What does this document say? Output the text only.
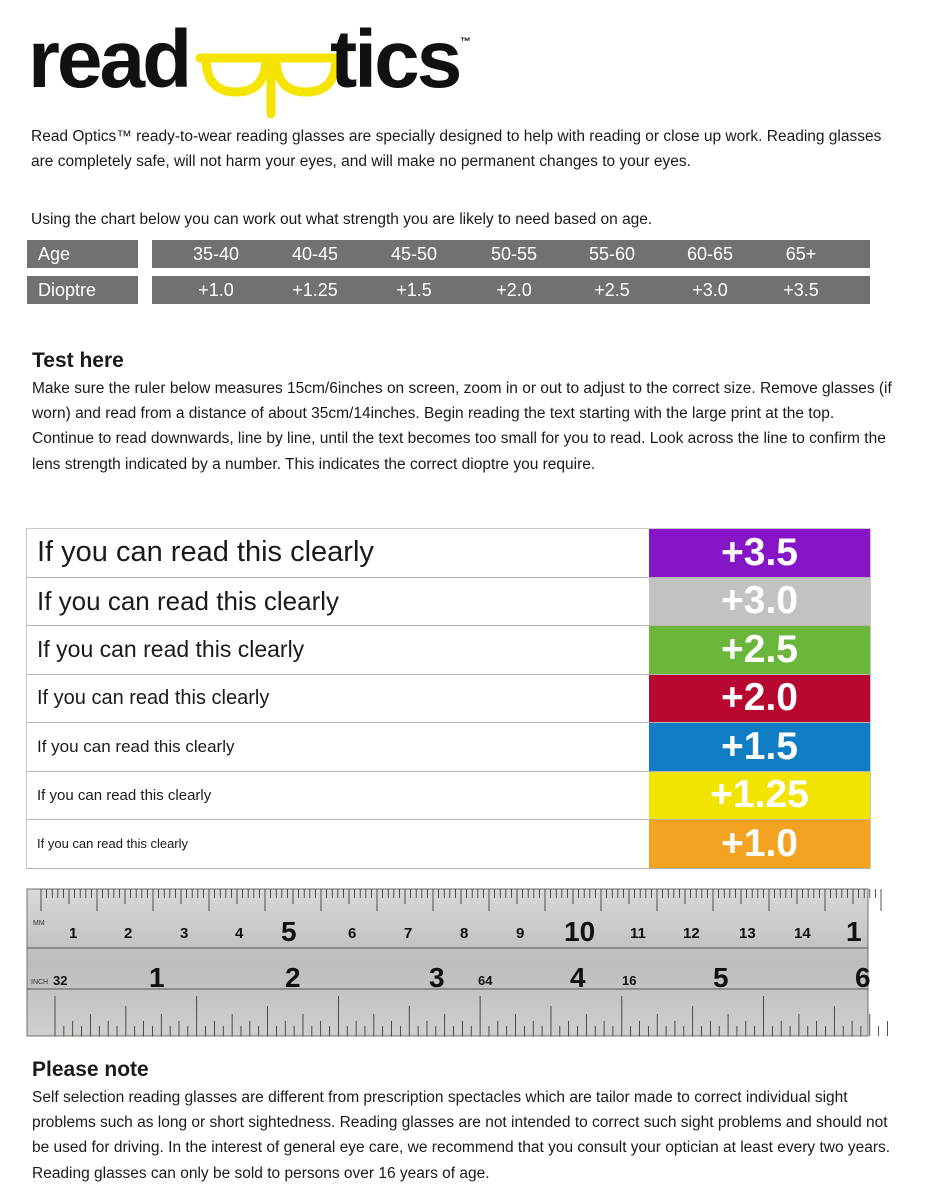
read tics ™
Read Optics™ ready-to-wear reading glasses are specially designed to help with reading or close up work. Reading glasses are completely safe, will not harm your eyes, and will make no permanent changes to your eyes.
Using the chart below you can work out what strength you are likely to need based on age.
Age	35-40	40-45	45-50	50-55	55-60	60-65	65+
Dioptre	+1.0	+1.25	+1.5	+2.0	+2.5	+3.0	+3.5
Test here
Make sure the ruler below measures 15cm/6inches on screen, zoom in or out to adjust to the correct size. Remove glasses (if worn) and read from a distance of about 35cm/14inches. Begin reading the text starting with the large print at the top. Continue to read downwards, line by line, until the text becomes too small for you to read. Look across the line to confirm the lens strength indicated by a number. This indicates the correct dioptre you require.
If you can read this clearly	+3.5
If you can read this clearly	+3.0
If you can read this clearly	+2.5
If you can read this clearly	+2.0
If you can read this clearly	+1.5
If you can read this clearly	+1.25
If you can read this clearly	+1.0
MM
INCH
1	2	3	4 5	6	7	8	9 10 11 12	13	14 1
1	2	3	4	5	6
32	64	16
Please note
Self selection reading glasses are different from prescription spectacles which are tailor made to correct individual sight problems such as long or short sightedness. Reading glasses are not intended to correct such sight problems and should not be used for driving. In the interest of general eye care, we recommend that you consult your optician at least every two years. Reading glasses can only be sold to persons over 16 years of age.
